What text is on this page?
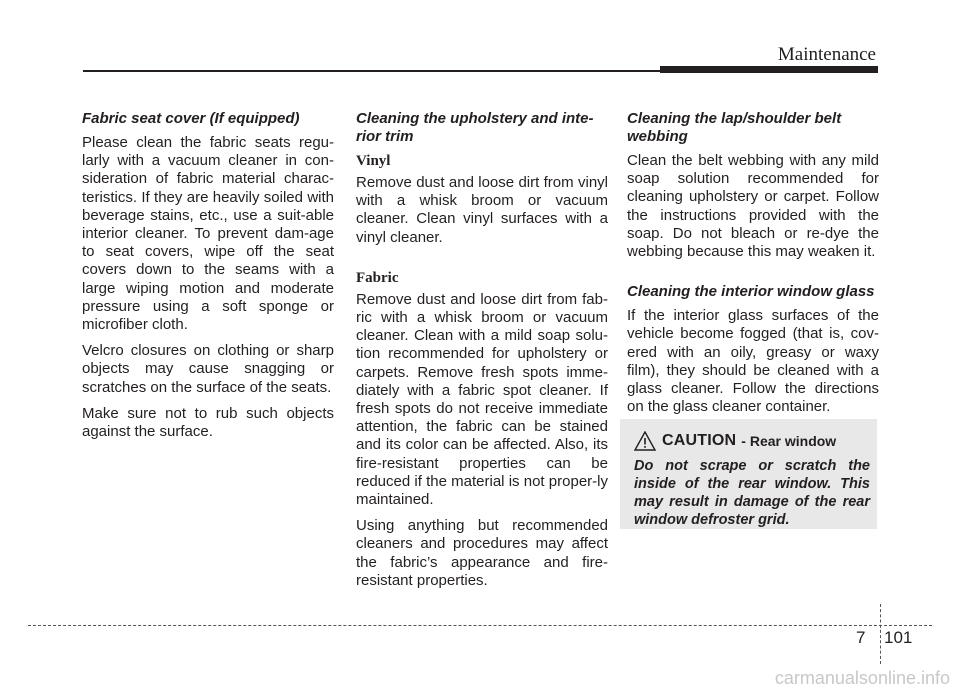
Maintenance
Fabric seat cover (If equipped)

Please clean the fabric seats regu-larly with a vacuum cleaner in con-sideration of fabric material charac-teristics. If they are heavily soiled with beverage stains, etc., use a suit-able interior cleaner. To prevent dam-age to seat covers, wipe off the seat covers down to the seams with a large wiping motion and moderate pressure using a soft sponge or microfiber cloth.

Velcro closures on clothing or sharp objects may cause snagging or scratches on the surface of the seats.

Make sure not to rub such objects against the surface.

Cleaning the upholstery and inte-rior trim
Vinyl

Remove dust and loose dirt from vinyl with a whisk broom or vacuum cleaner. Clean vinyl surfaces with a vinyl cleaner.

Fabric

Remove dust and loose dirt from fab-ric with a whisk broom or vacuum cleaner. Clean with a mild soap solu-tion recommended for upholstery or carpets. Remove fresh spots imme-diately with a fabric spot cleaner. If fresh spots do not receive immediate attention, the fabric can be stained and its color can be affected. Also, its fire-resistant properties can be reduced if the material is not proper-ly maintained.

Using anything but recommended cleaners and procedures may affect the fabric’s appearance and fire-resistant properties.

Cleaning the lap/shoulder belt webbing

Clean the belt webbing with any mild soap solution recommended for cleaning upholstery or carpet. Follow the instructions provided with the soap. Do not bleach or re-dye the webbing because this may weaken it.

Cleaning the interior window glass

If the interior glass surfaces of the vehicle become fogged (that is, cov-ered with an oily, greasy or waxy film), they should be cleaned with a glass cleaner. Follow the directions on the glass cleaner container.

CAUTION - Rear window

Do not scrape or scratch the inside of the rear window. This may result in damage of the rear window defroster grid.

7 101
carmanualsonline.info
